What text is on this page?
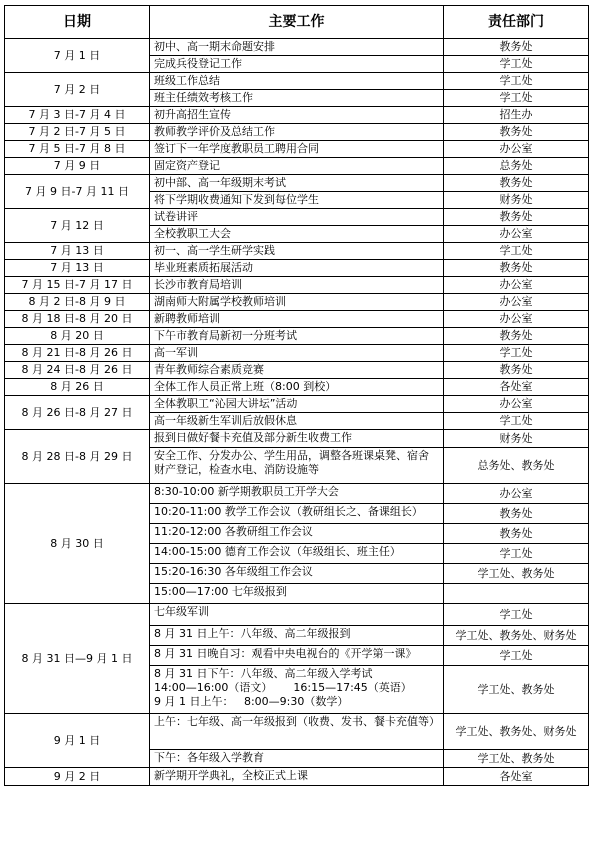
日期	主要工作	责任部门
7 月 1 日	初中、高一期末命题安排	教务处
	完成兵役登记工作	学工处
7 月 2 日	班级工作总结	学工处
	班主任绩效考核工作	学工处
7 月 3 日-7 月 4 日	初升高招生宣传	招生办
7 月 2 日-7 月 5 日	教师教学评价及总结工作	教务处
7 月 5 日-7 月 8 日	签订下一年学度教职员工聘用合同	办公室
7 月 9 日	固定资产登记	总务处
7 月 9 日-7 月 11 日	初中部、高一年级期末考试	教务处
	将下学期收费通知下发到每位学生	财务处
7 月 12 日	试卷讲评	教务处
	全校教职工大会	办公室
7 月 13 日	初一、高一学生研学实践	学工处
7 月 13 日	毕业班素质拓展活动	教务处
7 月 15 日-7 月 17 日	长沙市教育局培训	办公室
8 月 2 日-8 月 9 日	湖南师大附属学校教师培训	办公室
8 月 18 日-8 月 20 日	新聘教师培训	办公室
8 月 20 日	下午市教育局新初一分班考试	教务处
8 月 21 日-8 月 26 日	高一军训	学工处
8 月 24 日-8 月 26 日	青年教师综合素质竞赛	教务处
8 月 26 日	全体工作人员正常上班（8:00 到校）	各处室
8 月 26 日-8 月 27 日	全体教职工“沁园大讲坛”活动	办公室
	高一年级新生军训后放假休息	学工处
8 月 28 日-8 月 29 日	报到日做好餐卡充值及部分新生收费工作	财务处
	安全工作、分发办公、学生用品，调整各班课桌凳、宿舍财产登记，检查水电、消防设施等	总务处、教务处
8 月 30 日	8:30-10:00 新学期教职员工开学大会	办公室
	10:20-11:00 教学工作会议（教研组长之、备课组长）	教务处
	11:20-12:00 各教研组工作会议	教务处
	14:00-15:00 德育工作会议（年级组长、班主任）	学工处
	15:20-16:30 各年级组工作会议	学工处、教务处
	15:00—17:00 七年级报到	
8 月 31 日—9 月 1 日	七年级军训	学工处
	8 月 31 日上午：八年级、高二年级报到	学工处、教务处、财务处
	8 月 31 日晚自习：观看中央电视台的《开学第一课》	学工处
	8 月 31 日下午：八年级、高二年级入学考试
14:00—16:00（语文）      16:15—17:45（英语）
9 月 1 日上午：   8:00—9:30（数学）	学工处、教务处
9 月 1 日	上午：七年级、高一年级报到（收费、发书、餐卡充值等）	学工处、教务处、财务处
	下午：各年级入学教育	学工处、教务处
9 月 2 日	新学期开学典礼，全校正式上课	各处室
